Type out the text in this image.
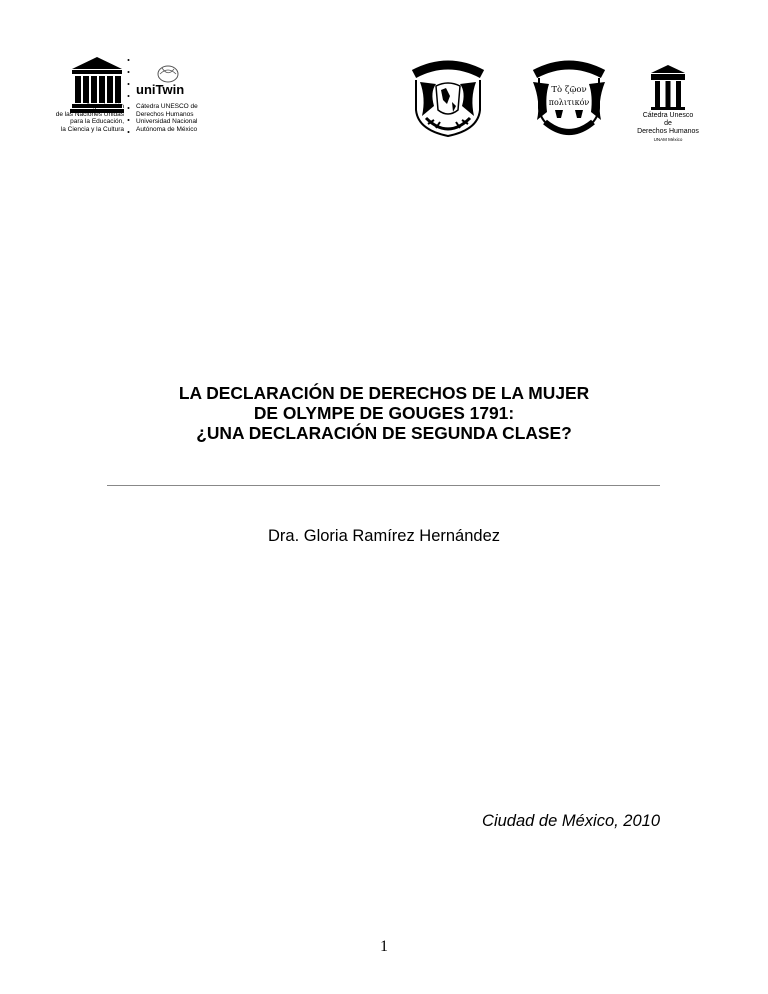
Organización
de las Naciones Unidas
para la Educación,
la Ciencia y la Cultura
uniTwin
Cátedra UNESCO de
Derechos Humanos
Universidad Nacional
Autónoma de México
Τὸ ζῷον
πολιτικόν
Cátedra Unesco
de
Derechos Humanos
UNAM México
LA DECLARACIÓN DE DERECHOS DE LA MUJER
DE OLYMPE DE GOUGES 1791:
¿UNA DECLARACIÓN DE SEGUNDA CLASE?
Dra. Gloria Ramírez Hernández
Ciudad de México, 2010
1
